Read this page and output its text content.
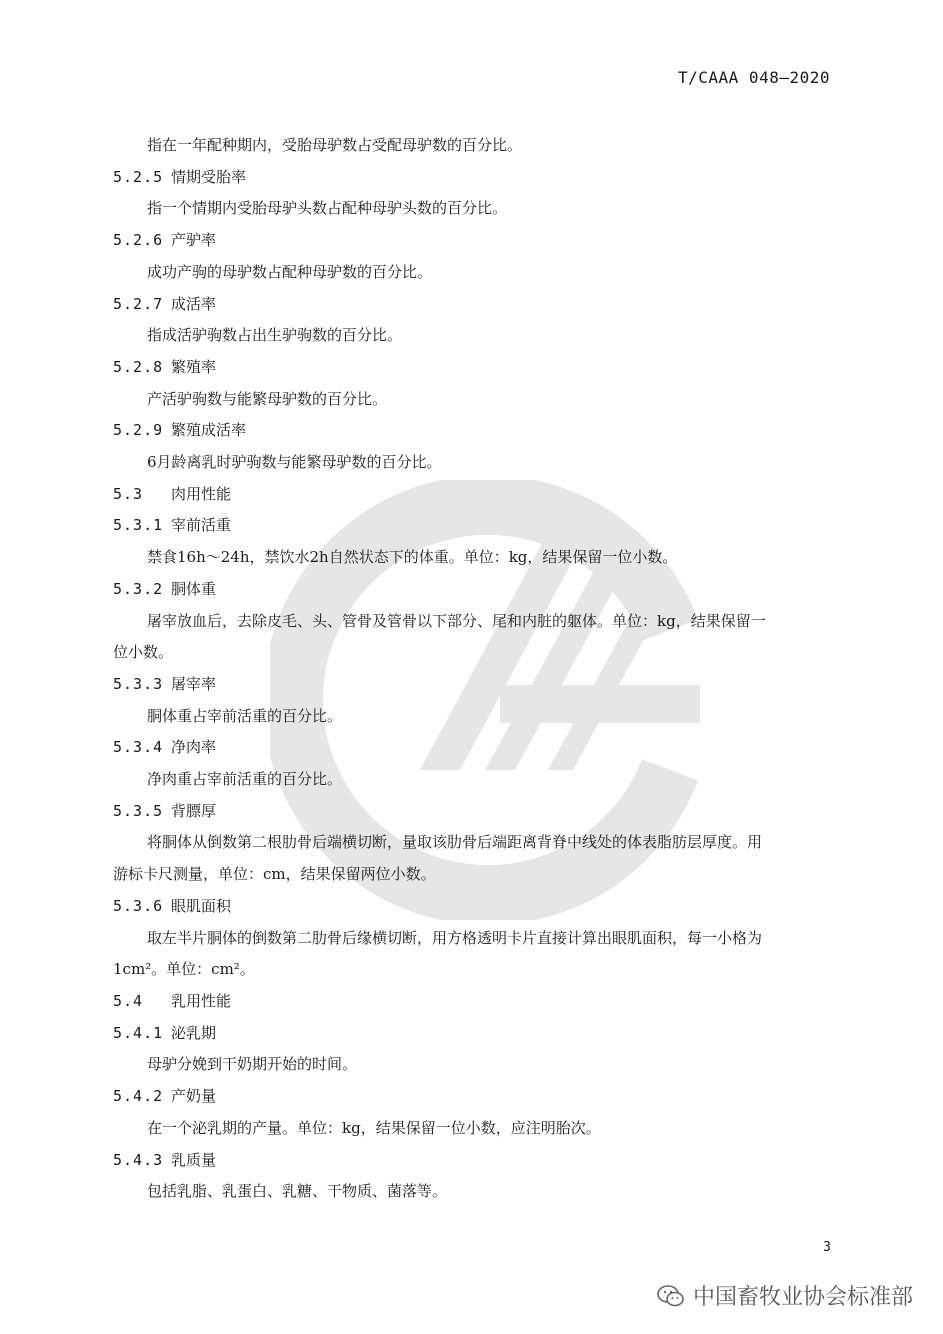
T/CAAA 048—2020
指在一年配种期内，受胎母驴数占受配母驴数的百分比。
5.2.5 情期受胎率
指一个情期内受胎母驴头数占配种母驴头数的百分比。
5.2.6 产驴率
成功产驹的母驴数占配种母驴数的百分比。
5.2.7 成活率
指成活驴驹数占出生驴驹数的百分比。
5.2.8 繁殖率
产活驴驹数与能繁母驴数的百分比。
5.2.9 繁殖成活率
6月龄离乳时驴驹数与能繁母驴数的百分比。
5.3 肉用性能
5.3.1 宰前活重
禁食16h～24h，禁饮水2h自然状态下的体重。单位：kg，结果保留一位小数。
5.3.2 胴体重
屠宰放血后，去除皮毛、头、管骨及管骨以下部分、尾和内脏的躯体。单位：kg，结果保留一
位小数。
5.3.3 屠宰率
胴体重占宰前活重的百分比。
5.3.4 净肉率
净肉重占宰前活重的百分比。
5.3.5 背膘厚
将胴体从倒数第二根肋骨后端横切断，量取该肋骨后端距离背脊中线处的体表脂肪层厚度。用
游标卡尺测量，单位：cm，结果保留两位小数。
5.3.6 眼肌面积
取左半片胴体的倒数第二肋骨后缘横切断，用方格透明卡片直接计算出眼肌面积，每一小格为
1cm²。单位：cm²。
5.4 乳用性能
5.4.1 泌乳期
母驴分娩到干奶期开始的时间。
5.4.2 产奶量
在一个泌乳期的产量。单位：kg，结果保留一位小数，应注明胎次。
5.4.3 乳质量
包括乳脂、乳蛋白、乳糖、干物质、菌落等。
3
中国畜牧业协会标准部
